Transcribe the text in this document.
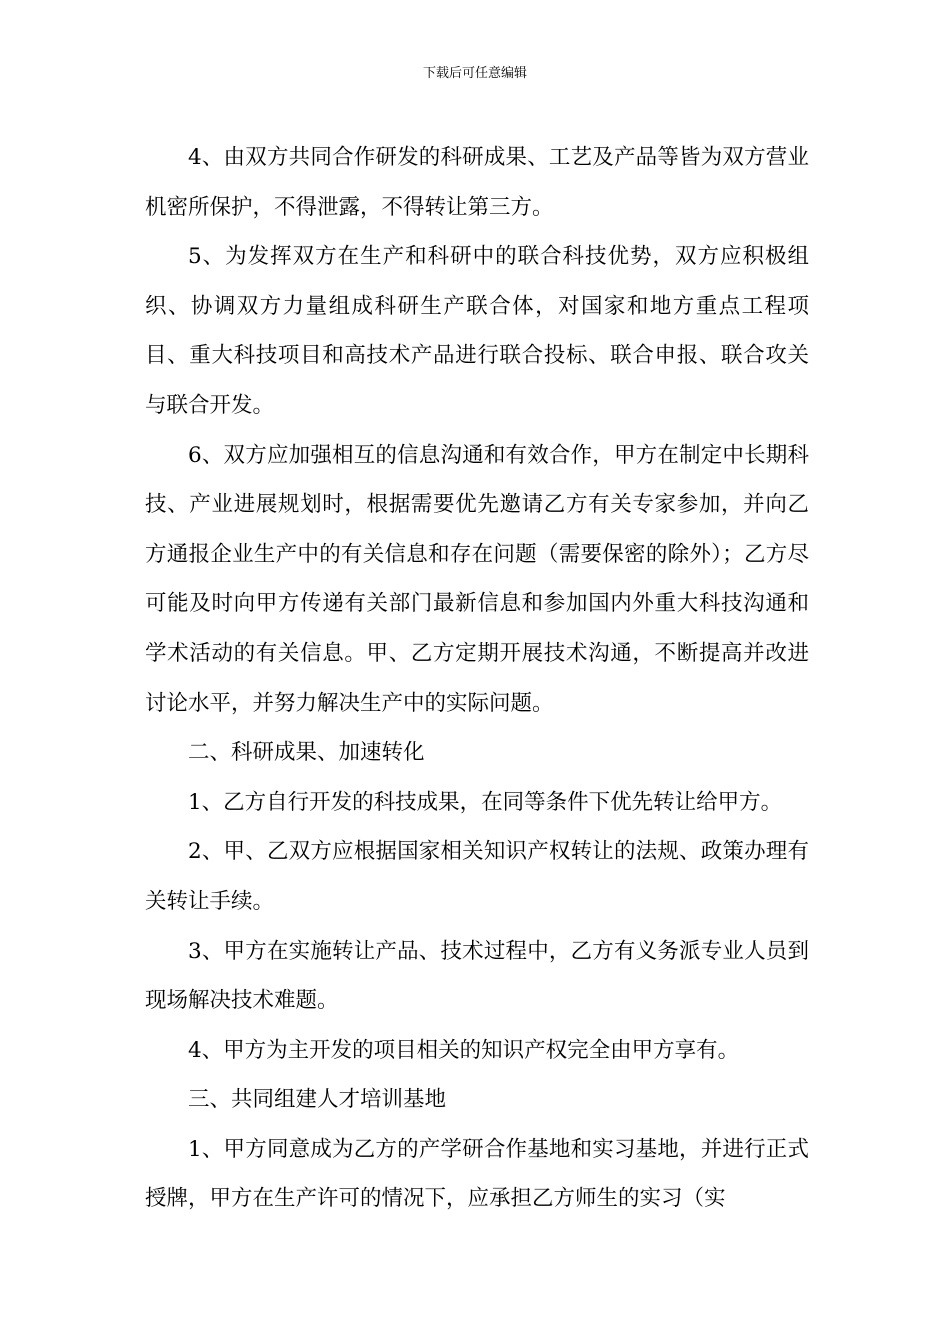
下载后可任意编辑

4、由双方共同合作研发的科研成果、工艺及产品等皆为双方营业机密所保护，不得泄露，不得转让第三方。

5、为发挥双方在生产和科研中的联合科技优势，双方应积极组织、协调双方力量组成科研生产联合体，对国家和地方重点工程项目、重大科技项目和高技术产品进行联合投标、联合申报、联合攻关与联合开发。

6、双方应加强相互的信息沟通和有效合作，甲方在制定中长期科技、产业进展规划时，根据需要优先邀请乙方有关专家参加，并向乙方通报企业生产中的有关信息和存在问题（需要保密的除外）；乙方尽可能及时向甲方传递有关部门最新信息和参加国内外重大科技沟通和学术活动的有关信息。甲、乙方定期开展技术沟通，不断提高并改进讨论水平，并努力解决生产中的实际问题。

二、科研成果、加速转化

1、乙方自行开发的科技成果，在同等条件下优先转让给甲方。

2、甲、乙双方应根据国家相关知识产权转让的法规、政策办理有关转让手续。

3、甲方在实施转让产品、技术过程中，乙方有义务派专业人员到现场解决技术难题。

4、甲方为主开发的项目相关的知识产权完全由甲方享有。

三、共同组建人才培训基地

1、甲方同意成为乙方的产学研合作基地和实习基地，并进行正式授牌，甲方在生产许可的情况下，应承担乙方师生的实习（实
